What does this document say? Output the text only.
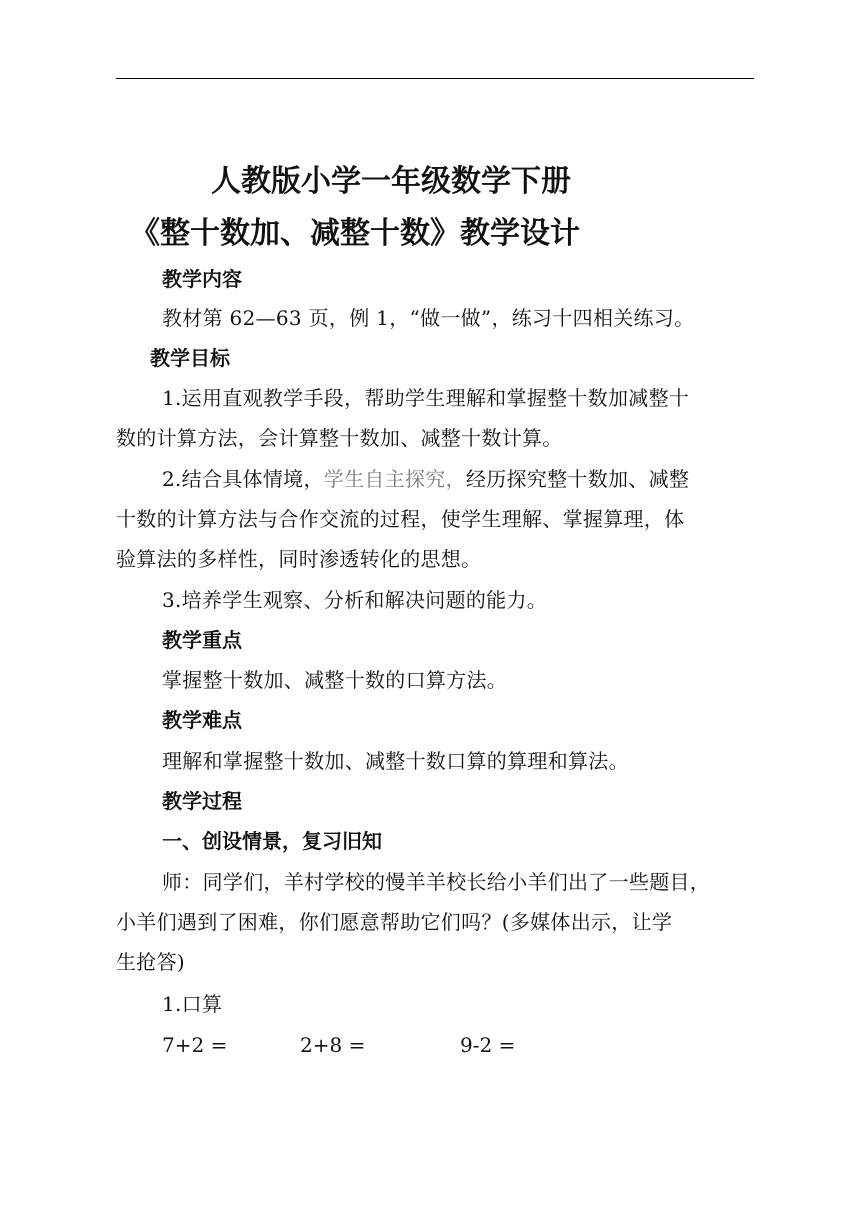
人教版小学一年级数学下册
《整十数加、减整十数》教学设计
教学内容
教材第 62—63 页，例 1，“做一做”，练习十四相关练习。
教学目标
1.运用直观教学手段，帮助学生理解和掌握整十数加减整十
数的计算方法，会计算整十数加、减整十数计算。
2.结合具体情境，学生自主探究，经历探究整十数加、减整
十数的计算方法与合作交流的过程，使学生理解、掌握算理，体
验算法的多样性，同时渗透转化的思想。
3.培养学生观察、分析和解决问题的能力。
教学重点
掌握整十数加、减整十数的口算方法。
教学难点
理解和掌握整十数加、减整十数口算的算理和算法。
教学过程
一、创设情景，复习旧知
师：同学们，羊村学校的慢羊羊校长给小羊们出了一些题目，
小羊们遇到了困难，你们愿意帮助它们吗？(多媒体出示，让学
生抢答)
1.口算
7+2 =	2+8 =	9-2 =
